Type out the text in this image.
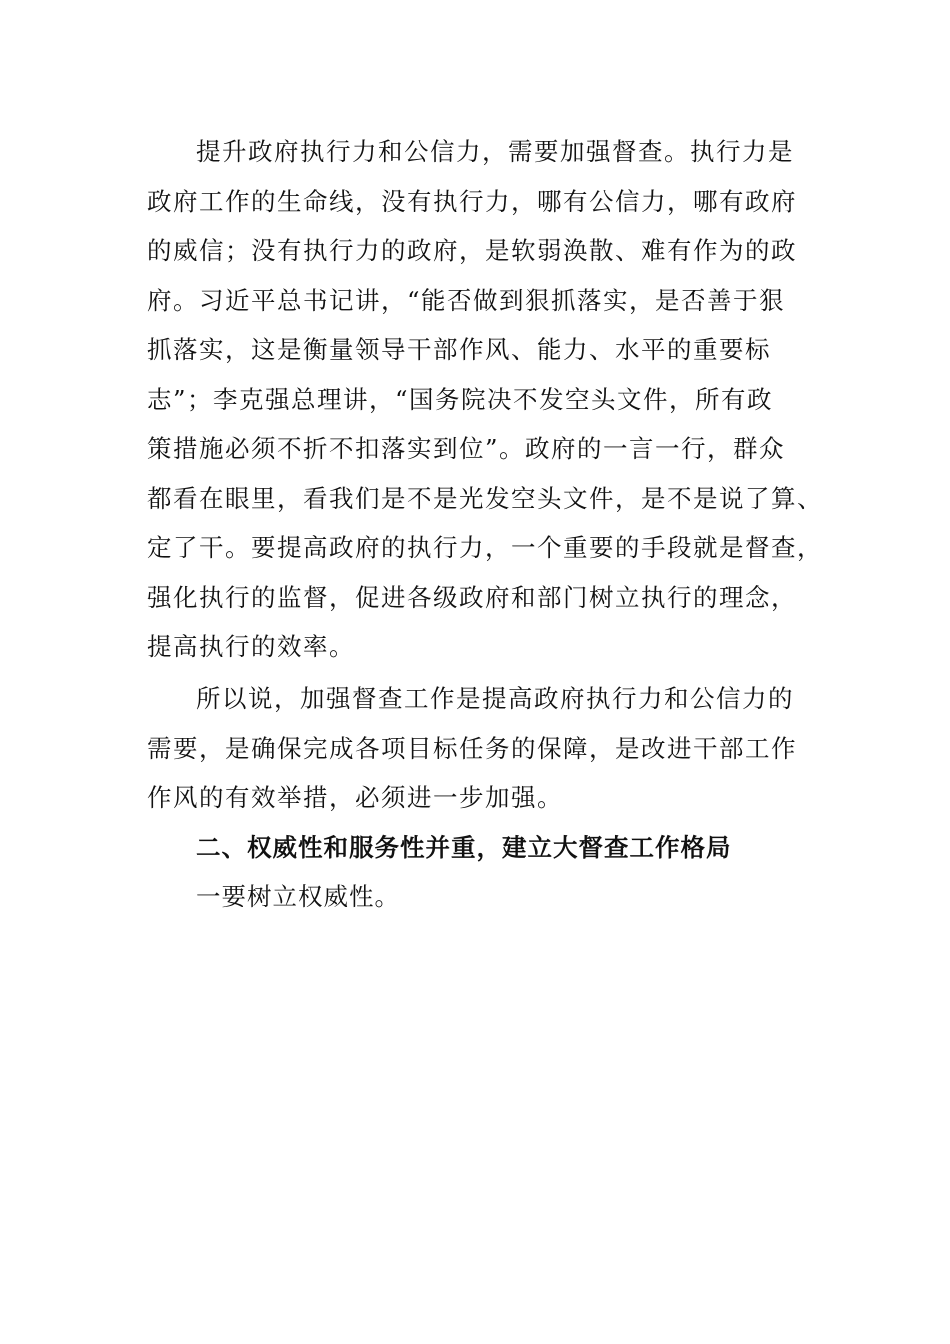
提升政府执行力和公信力，需要加强督查。执行力是
政府工作的生命线，没有执行力，哪有公信力，哪有政府
的威信；没有执行力的政府，是软弱涣散、难有作为的政
府。习近平总书记讲，“能否做到狠抓落实，是否善于狠
抓落实，这是衡量领导干部作风、能力、水平的重要标
志”；李克强总理讲，“国务院决不发空头文件，所有政
策措施必须不折不扣落实到位”。政府的一言一行，群众
都看在眼里，看我们是不是光发空头文件，是不是说了算、
定了干。要提高政府的执行力，一个重要的手段就是督查，
强化执行的监督，促进各级政府和部门树立执行的理念，
提高执行的效率。
所以说，加强督查工作是提高政府执行力和公信力的
需要，是确保完成各项目标任务的保障，是改进干部工作
作风的有效举措，必须进一步加强。
二、权威性和服务性并重，建立大督查工作格局
一要树立权威性。
